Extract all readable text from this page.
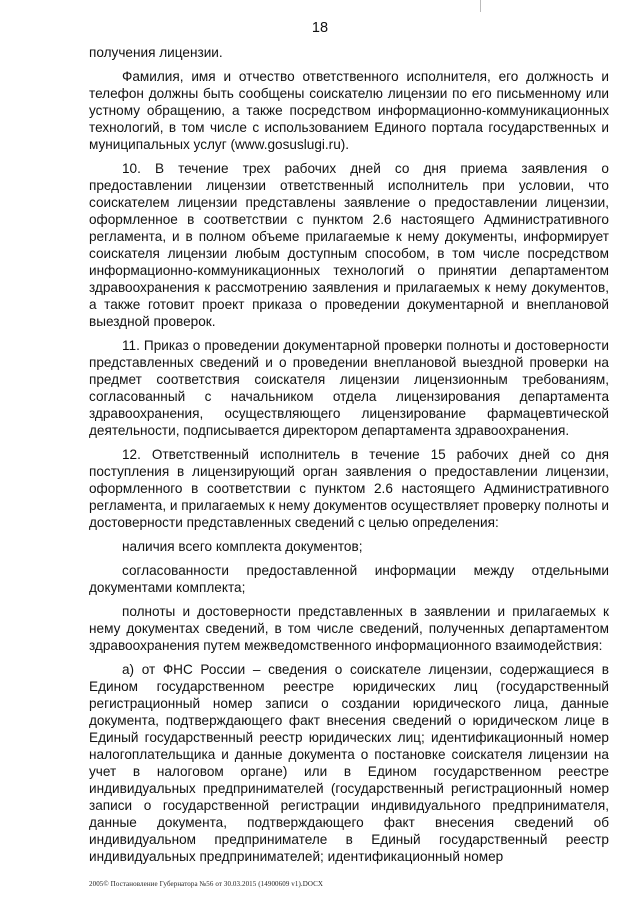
18

получения лицензии.

Фамилия, имя и отчество ответственного исполнителя, его должность и телефон должны быть сообщены соискателю лицензии по его письменному или устному обращению, а также посредством информационно-коммуникационных технологий, в том числе с использованием Единого портала государственных и муниципальных услуг (www.gosuslugi.ru).

10. В течение трех рабочих дней со дня приема заявления о предоставлении лицензии ответственный исполнитель при условии, что соискателем лицензии представлены заявление о предоставлении лицензии, оформленное в соответствии с пунктом 2.6 настоящего Административного регламента, и в полном объеме прилагаемые к нему документы, информирует соискателя лицензии любым доступным способом, в том числе посредством информационно-коммуникационных технологий о принятии департаментом здравоохранения к рассмотрению заявления и прилагаемых к нему документов, а также готовит проект приказа о проведении документарной и внеплановой выездной проверок.

11. Приказ о проведении документарной проверки полноты и достоверности представленных сведений и о проведении внеплановой выездной проверки на предмет соответствия соискателя лицензии лицензионным требованиям, согласованный с начальником отдела лицензирования департамента здравоохранения, осуществляющего лицензирование фармацевтической деятельности, подписывается директором департамента здравоохранения.

12. Ответственный исполнитель в течение 15 рабочих дней со дня поступления в лицензирующий орган заявления о предоставлении лицензии, оформленного в соответствии с пунктом 2.6 настоящего Административного регламента, и прилагаемых к нему документов осуществляет проверку полноты и достоверности представленных сведений с целью определения:

наличия всего комплекта документов;

согласованности предоставленной информации между отдельными документами комплекта;

полноты и достоверности представленных в заявлении и прилагаемых к нему документах сведений, в том числе сведений, полученных департаментом здравоохранения путем межведомственного информационного взаимодействия:

а) от ФНС России – сведения о соискателе лицензии, содержащиеся в Едином государственном реестре юридических лиц (государственный регистрационный номер записи о создании юридического лица, данные документа, подтверждающего факт внесения сведений о юридическом лице в Единый государственный реестр юридических лиц; идентификационный номер налогоплательщика и данные документа о постановке соискателя лицензии на учет в налоговом органе) или в Едином государственном реестре индивидуальных предпринимателей (государственный регистрационный номер записи о государственной регистрации индивидуального предпринимателя, данные документа, подтверждающего факт внесения сведений об индивидуальном предпринимателе в Единый государственный реестр индивидуальных предпринимателей; идентификационный номер

2005© Постановление Губернатора №56 от 30.03.2015 (14900609 v1).DOCX
